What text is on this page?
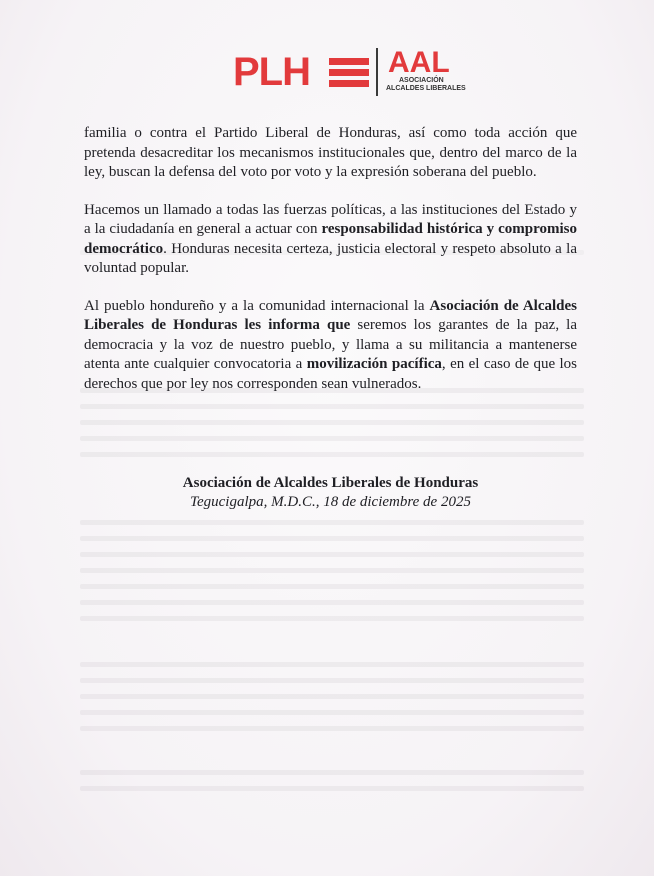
PLH	AAL
ASOCIACIÓN
ALCALDES LIBERALES

familia o contra el Partido Liberal de Honduras, así como toda acción que pretenda desacreditar los mecanismos institucionales que, dentro del marco de la ley, buscan la defensa del voto por voto y la expresión soberana del pueblo.

Hacemos un llamado a todas las fuerzas políticas, a las instituciones del Estado y a la ciudadanía en general a actuar con responsabilidad histórica y compromiso democrático. Honduras necesita certeza, justicia electoral y respeto absoluto a la voluntad popular.

Al pueblo hondureño y a la comunidad internacional la Asociación de Alcaldes Liberales de Honduras les informa que seremos los garantes de la paz, la democracia y la voz de nuestro pueblo, y llama a su militancia a mantenerse atenta ante cualquier convocatoria a movilización pacífica, en el caso de que los derechos que por ley nos corresponden sean vulnerados.

Asociación de Alcaldes Liberales de Honduras
Tegucigalpa, M.D.C., 18 de diciembre de 2025
